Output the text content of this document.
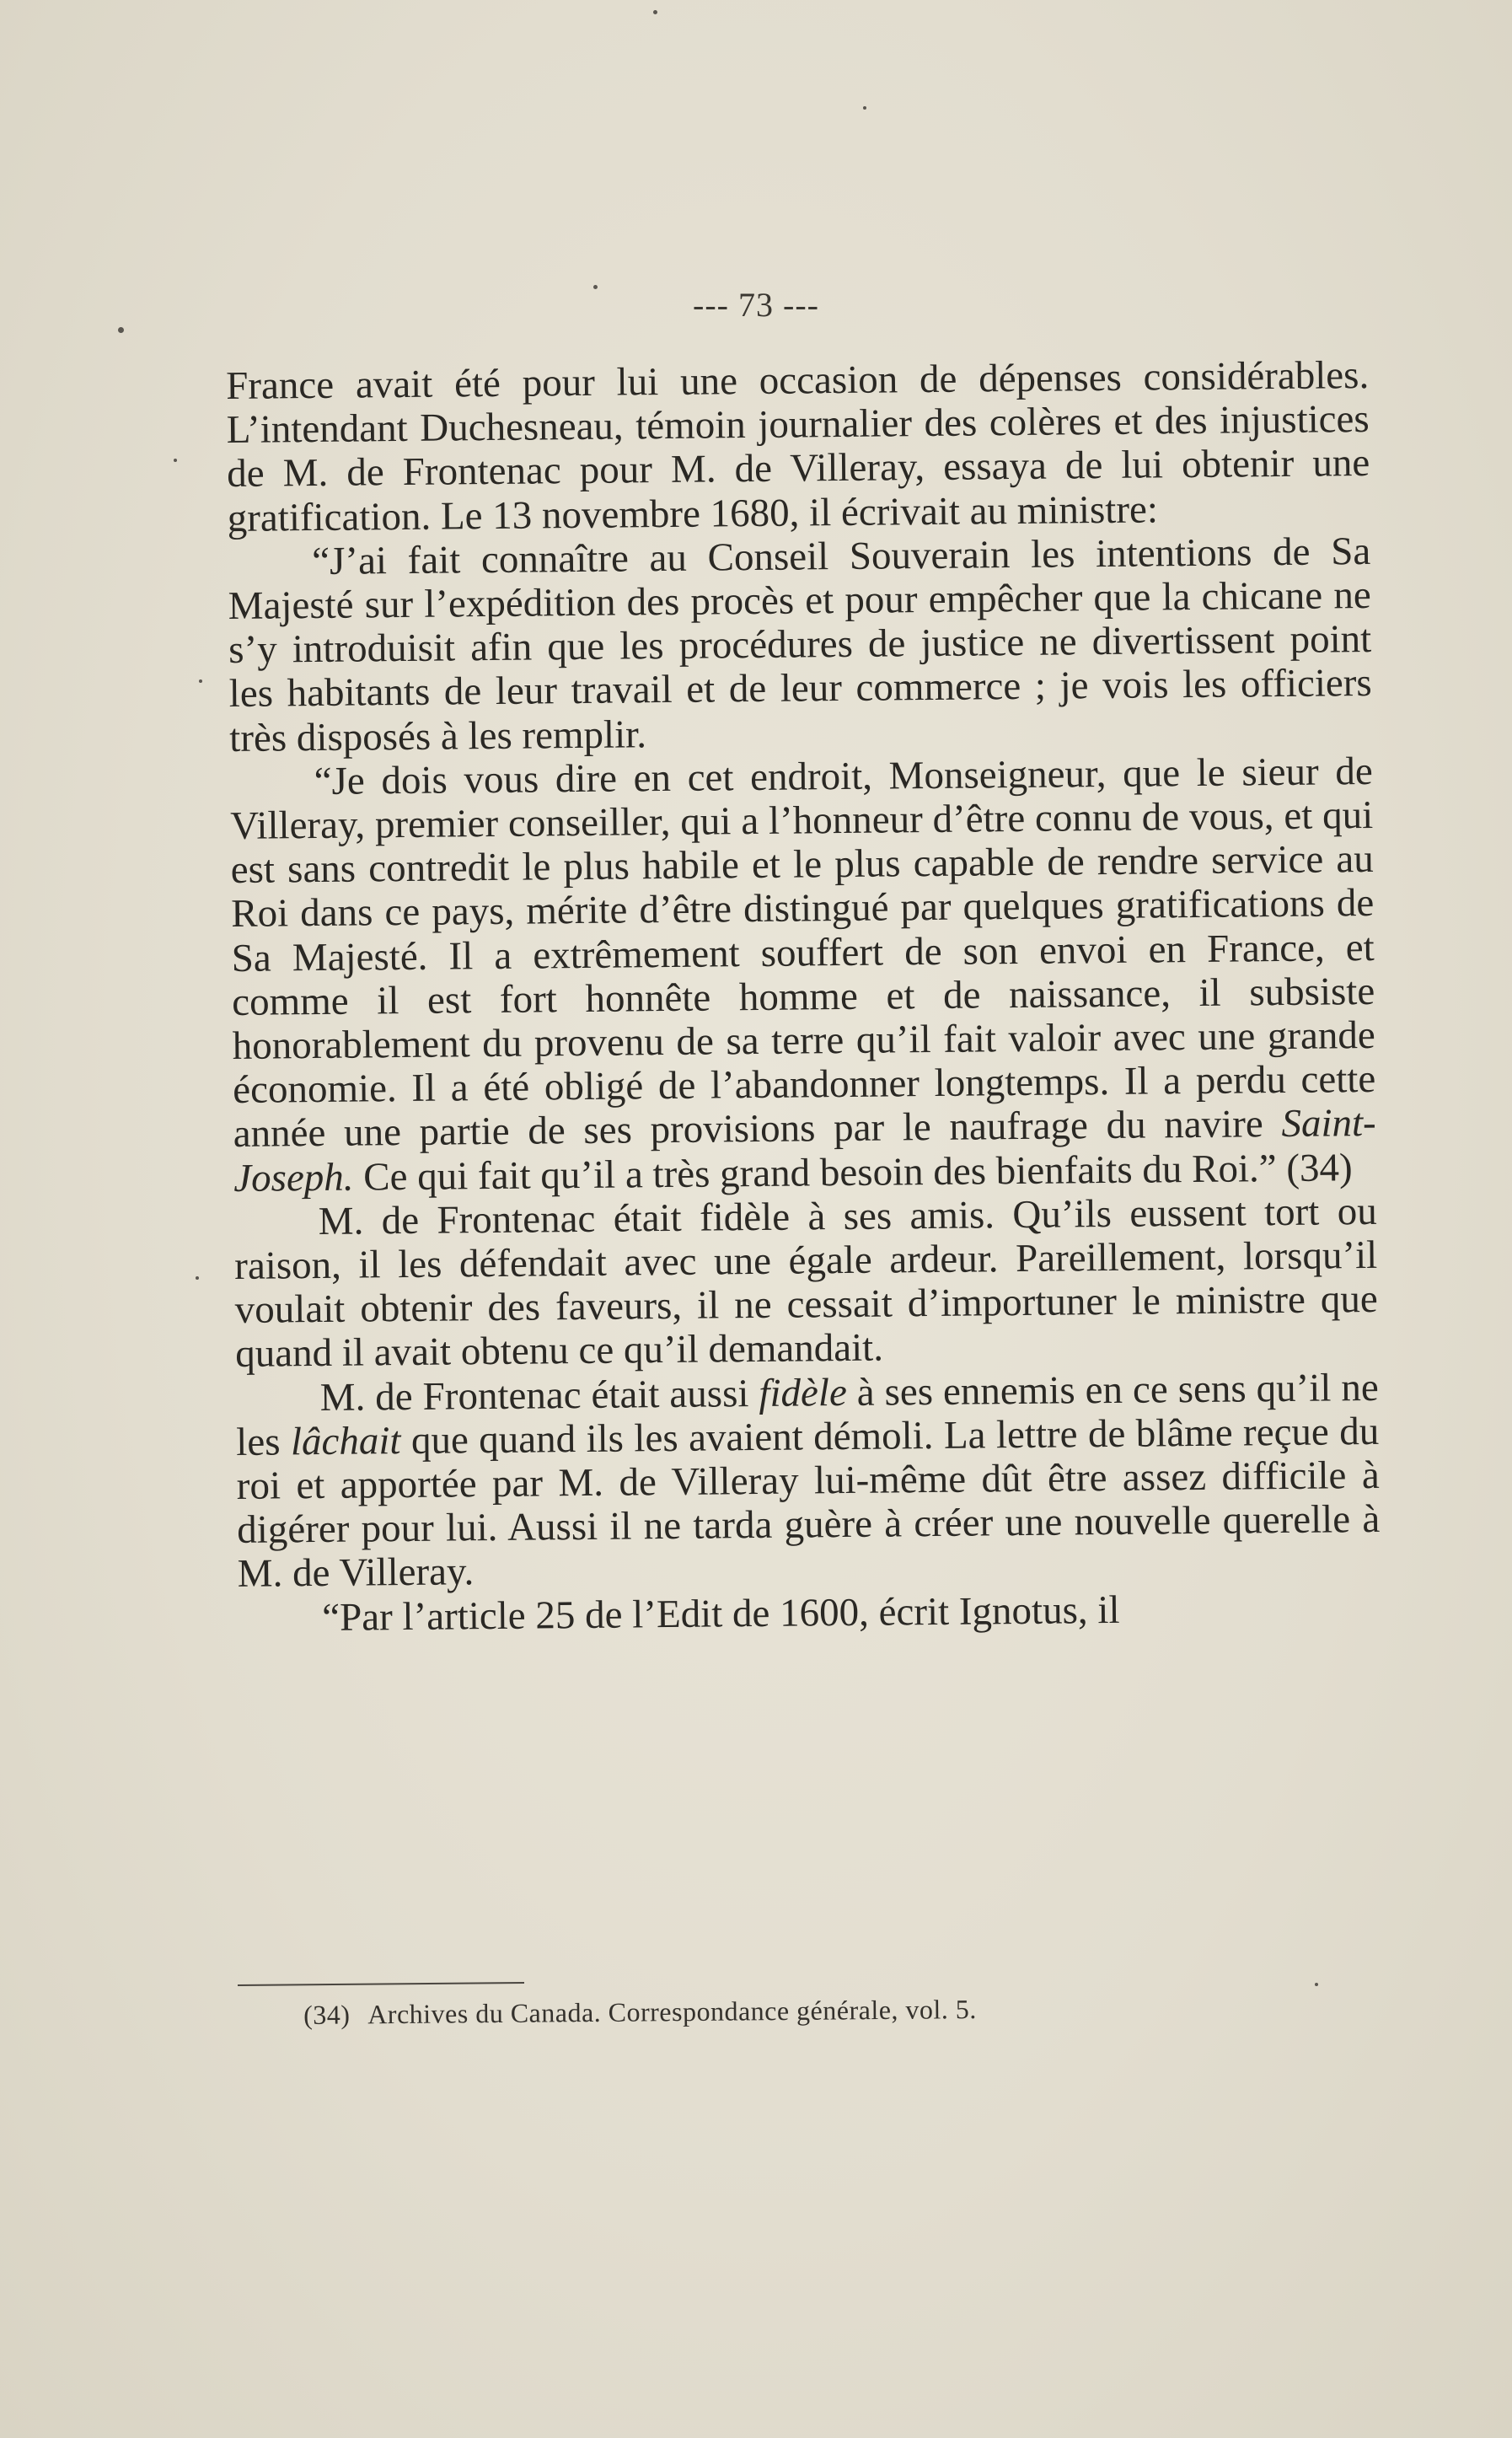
--- 73 ---

France avait été pour lui une occasion de dépenses considérables. L’intendant Duchesneau, témoin journalier des colères et des injustices de M. de Frontenac pour M. de Villeray, essaya de lui obtenir une gratification. Le 13 novembre 1680, il écrivait au ministre:

“J’ai fait connaître au Conseil Souverain les intentions de Sa Majesté sur l’expédition des procès et pour empêcher que la chicane ne s’y introduisit afin que les procédures de justice ne divertissent point les habitants de leur travail et de leur commerce ; je vois les officiers très disposés à les remplir.

“Je dois vous dire en cet endroit, Monseigneur, que le sieur de Villeray, premier conseiller, qui a l’honneur d’être connu de vous, et qui est sans contredit le plus habile et le plus capable de rendre service au Roi dans ce pays, mérite d’être distingué par quelques gratifications de Sa Majesté. Il a extrêmement souffert de son envoi en France, et comme il est fort honnête homme et de naissance, il subsiste honorablement du provenu de sa terre qu’il fait valoir avec une grande économie. Il a été obligé de l’abandonner longtemps. Il a perdu cette année une partie de ses provisions par le naufrage du navire Saint-Joseph. Ce qui fait qu’il a très grand besoin des bienfaits du Roi.” (34)

M. de Frontenac était fidèle à ses amis. Qu’ils eussent tort ou raison, il les défendait avec une égale ardeur. Pareillement, lorsqu’il voulait obtenir des faveurs, il ne cessait d’importuner le ministre que quand il avait obtenu ce qu’il demandait.

M. de Frontenac était aussi fidèle à ses ennemis en ce sens qu’il ne les lâchait que quand ils les avaient démoli. La lettre de blâme reçue du roi et apportée par M. de Villeray lui-même dût être assez difficile à digérer pour lui. Aussi il ne tarda guère à créer une nouvelle querelle à M. de Villeray.

“Par l’article 25 de l’Edit de 1600, écrit Ignotus, il

(34) Archives du Canada. Correspondance générale, vol. 5.
